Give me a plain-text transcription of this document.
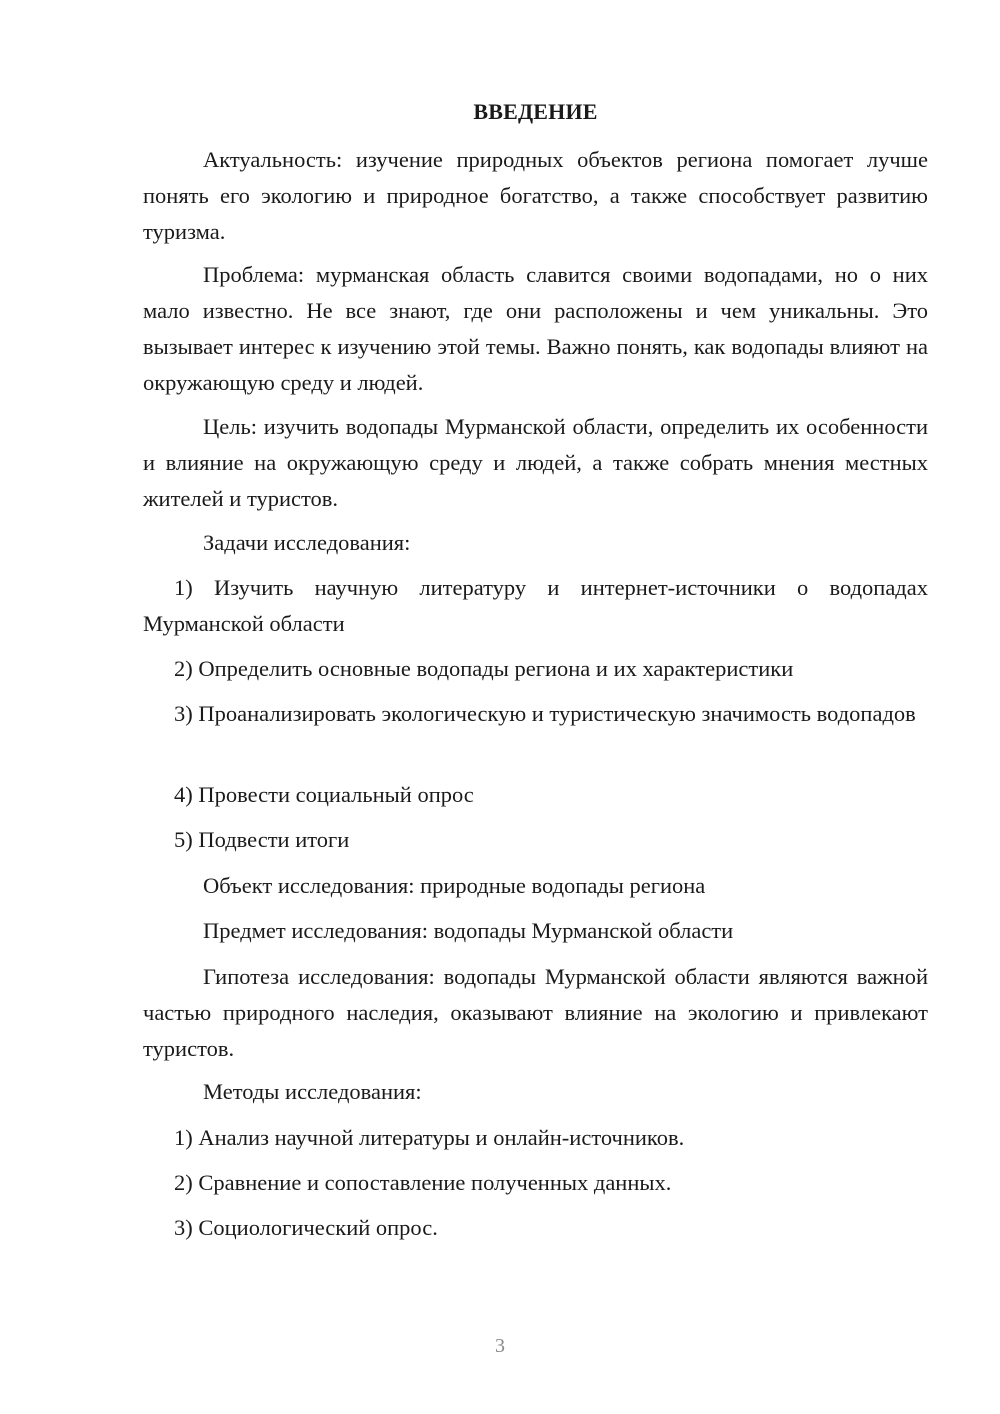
ВВЕДЕНИЕ

Актуальность: изучение природных объектов региона помогает лучше понять его экологию и природное богатство, а также способствует развитию туризма.

Проблема: мурманская область славится своими водопадами, но о них мало известно. Не все знают, где они расположены и чем уникальны. Это вызывает интерес к изучению этой темы. Важно понять, как водопады влияют на окружающую среду и людей.

Цель: изучить водопады Мурманской области, определить их особенности и влияние на окружающую среду и людей, а также собрать мнения местных жителей и туристов.

Задачи исследования:

1) Изучить научную литературу и интернет-источники о водопадах Мурманской области

2) Определить основные водопады региона и их характеристики

3) Проанализировать экологическую и туристическую значимость водопадов

4) Провести социальный опрос

5) Подвести итоги

Объект исследования: природные водопады региона

Предмет исследования: водопады Мурманской области

Гипотеза исследования: водопады Мурманской области являются важной частью природного наследия, оказывают влияние на экологию и привлекают туристов.

Методы исследования:

1) Анализ научной литературы и онлайн-источников.

2) Сравнение и сопоставление полученных данных.

3) Социологический опрос.

3
